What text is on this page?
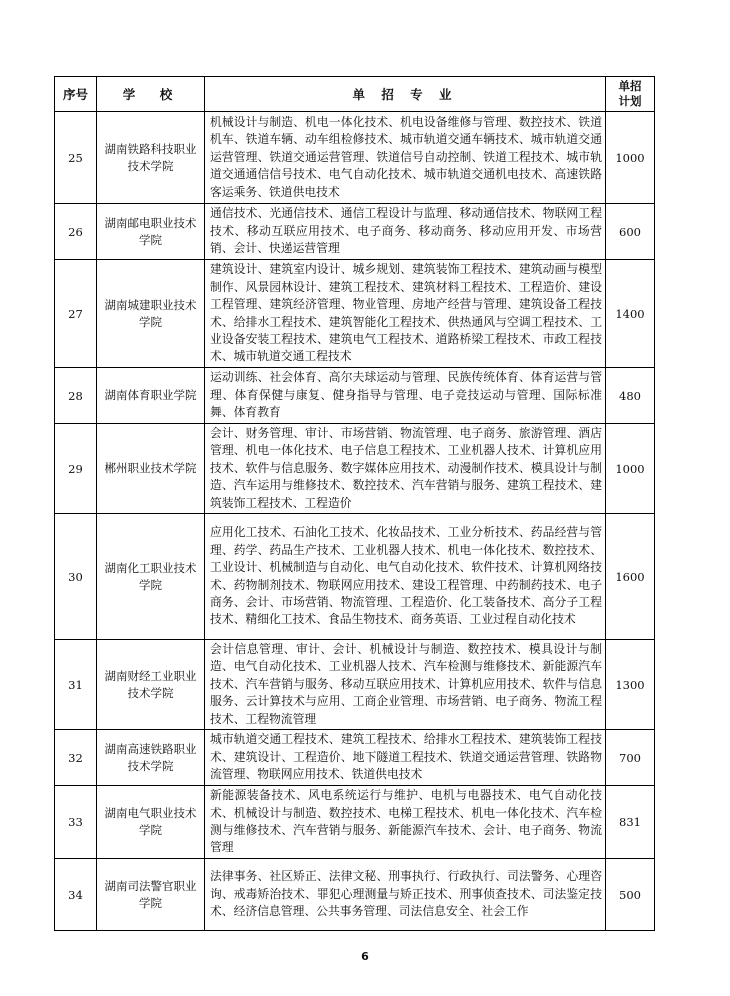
序号	学　校	单 招 专 业	单招
计划
25	湖南铁路科技职业技术学院	机械设计与制造、机电一体化技术、机电设备维修与管理、数控技术、铁道机车、铁道车辆、动车组检修技术、城市轨道交通车辆技术、城市轨道交通运营管理、铁道交通运营管理、铁道信号自动控制、铁道工程技术、城市轨道交通通信信号技术、电气自动化技术、城市轨道交通机电技术、高速铁路客运乘务、铁道供电技术	1000
26	湖南邮电职业技术学院	通信技术、光通信技术、通信工程设计与监理、移动通信技术、物联网工程技术、移动互联应用技术、电子商务、移动商务、移动应用开发、市场营销、会计、快递运营管理	600
27	湖南城建职业技术学院	建筑设计、建筑室内设计、城乡规划、建筑装饰工程技术、建筑动画与模型制作、风景园林设计、建筑工程技术、建筑材料工程技术、工程造价、建设工程管理、建筑经济管理、物业管理、房地产经营与管理、建筑设备工程技术、给排水工程技术、建筑智能化工程技术、供热通风与空调工程技术、工业设备安装工程技术、建筑电气工程技术、道路桥梁工程技术、市政工程技术、城市轨道交通工程技术	1400
28	湖南体育职业学院	运动训练、社会体育、高尔夫球运动与管理、民族传统体育、体育运营与管理、体育保健与康复、健身指导与管理、电子竞技运动与管理、国际标准舞、体育教育	480
29	郴州职业技术学院	会计、财务管理、审计、市场营销、物流管理、电子商务、旅游管理、酒店管理、机电一体化技术、电子信息工程技术、工业机器人技术、计算机应用技术、软件与信息服务、数字媒体应用技术、动漫制作技术、模具设计与制造、汽车运用与维修技术、数控技术、汽车营销与服务、建筑工程技术、建筑装饰工程技术、工程造价	1000
30	湖南化工职业技术学院	应用化工技术、石油化工技术、化妆品技术、工业分析技术、药品经营与管理、药学、药品生产技术、工业机器人技术、机电一体化技术、数控技术、工业设计、机械制造与自动化、电气自动化技术、软件技术、计算机网络技术、药物制剂技术、物联网应用技术、建设工程管理、中药制药技术、电子商务、会计、市场营销、物流管理、工程造价、化工装备技术、高分子工程技术、精细化工技术、食品生物技术、商务英语、工业过程自动化技术	1600
31	湖南财经工业职业技术学院	会计信息管理、审计、会计、机械设计与制造、数控技术、模具设计与制造、电气自动化技术、工业机器人技术、汽车检测与维修技术、新能源汽车技术、汽车营销与服务、移动互联应用技术、计算机应用技术、软件与信息服务、云计算技术与应用、工商企业管理、市场营销、电子商务、物流工程技术、工程物流管理	1300
32	湖南高速铁路职业技术学院	城市轨道交通工程技术、建筑工程技术、给排水工程技术、建筑装饰工程技术、建筑设计、工程造价、地下隧道工程技术、铁道交通运营管理、铁路物流管理、物联网应用技术、铁道供电技术	700
33	湖南电气职业技术学院	新能源装备技术、风电系统运行与维护、电机与电器技术、电气自动化技术、机械设计与制造、数控技术、电梯工程技术、机电一体化技术、汽车检测与维修技术、汽车营销与服务、新能源汽车技术、会计、电子商务、物流管理	831
34	湖南司法警官职业学院	法律事务、社区矫正、法律文秘、刑事执行、行政执行、司法警务、心理咨询、戒毒矫治技术、罪犯心理测量与矫正技术、刑事侦查技术、司法鉴定技术、经济信息管理、公共事务管理、司法信息安全、社会工作	500
6
